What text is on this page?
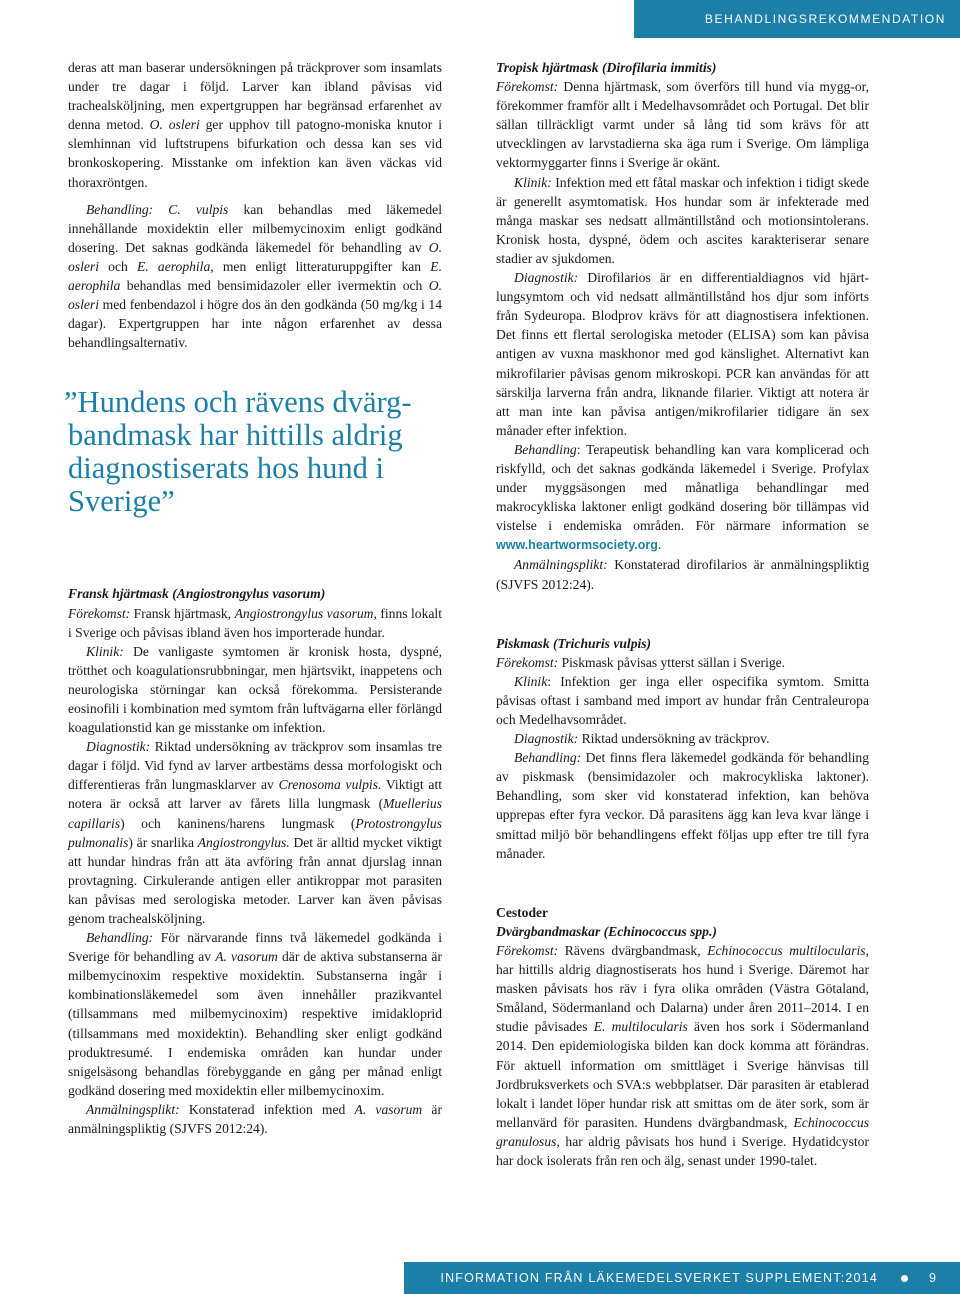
BEHANDLINGSREKOMMENDATION

deras att man baserar undersökningen på träckprover som insamlats under tre dagar i följd. Larver kan ibland påvisas vid trachealsköljning, men expertgruppen har begränsad erfarenhet av denna metod. O. osleri ger upphov till patogno-moniska knutor i slemhinnan vid luftstrupens bifurkation och dessa kan ses vid bronkoskopering. Misstanke om infektion kan även väckas vid thoraxröntgen.

Behandling: C. vulpis kan behandlas med läkemedel innehållande moxidektin eller milbemycinoxim enligt godkänd dosering. Det saknas godkända läkemedel för behandling av O. osleri och E. aerophila, men enligt litteraturuppgifter kan E. aerophila behandlas med bensimidazoler eller ivermektin och O. osleri med fenbendazol i högre dos än den godkända (50 mg/kg i 14 dagar). Expertgruppen har inte någon erfarenhet av dessa behandlingsalternativ.

”Hundens och rävens dvärg-bandmask har hittills aldrig diagnostiserats hos hund i Sverige”

Fransk hjärtmask (Angiostrongylus vasorum)

Förekomst: Fransk hjärtmask, Angiostrongylus vasorum, finns lokalt i Sverige och påvisas ibland även hos importerade hundar.

Klinik: De vanligaste symtomen är kronisk hosta, dyspné, trötthet och koagulationsrubbningar, men hjärtsvikt, inappetens och neurologiska störningar kan också förekomma. Persisterande eosinofili i kombination med symtom från luftvägarna eller förlängd koagulationstid kan ge misstanke om infektion.

Diagnostik: Riktad undersökning av träckprov som insamlas tre dagar i följd. Vid fynd av larver artbestäms dessa morfologiskt och differentieras från lungmasklarver av Crenosoma vulpis. Viktigt att notera är också att larver av fårets lilla lungmask (Muellerius capillaris) och kaninens/harens lungmask (Protostrongylus pulmonalis) är snarlika Angiostrongylus. Det är alltid mycket viktigt att hundar hindras från att äta avföring från annat djurslag innan provtagning. Cirkulerande antigen eller antikroppar mot parasiten kan påvisas med serologiska metoder. Larver kan även påvisas genom trachealsköljning.

Behandling: För närvarande finns två läkemedel godkända i Sverige för behandling av A. vasorum där de aktiva substanserna är milbemycinoxim respektive moxidektin. Substanserna ingår i kombinationsläkemedel som även innehåller prazikvantel (tillsammans med milbemycinoxim) respektive imidakloprid (tillsammans med moxidektin). Behandling sker enligt godkänd produktresumé. I endemiska områden kan hundar under snigelsäsong behandlas förebyggande en gång per månad enligt godkänd dosering med moxidektin eller milbemycinoxim.

Anmälningsplikt: Konstaterad infektion med A. vasorum är anmälningspliktig (SJVFS 2012:24).

Tropisk hjärtmask (Dirofilaria immitis)

Förekomst: Denna hjärtmask, som överförs till hund via mygg-or, förekommer framför allt i Medelhavsområdet och Portugal. Det blir sällan tillräckligt varmt under så lång tid som krävs för att utvecklingen av larvstadierna ska äga rum i Sverige. Om lämpliga vektormyggarter finns i Sverige är okänt.

Klinik: Infektion med ett fåtal maskar och infektion i tidigt skede är generellt asymtomatisk. Hos hundar som är infekterade med många maskar ses nedsatt allmäntillstånd och motionsintolerans. Kronisk hosta, dyspné, ödem och ascites karakteriserar senare stadier av sjukdomen.

Diagnostik: Dirofilarios är en differentialdiagnos vid hjärt-lungsymtom och vid nedsatt allmäntillstånd hos djur som införts från Sydeuropa. Blodprov krävs för att diagnostisera infektionen. Det finns ett flertal serologiska metoder (ELISA) som kan påvisa antigen av vuxna maskhonor med god känslighet. Alternativt kan mikrofilarier påvisas genom mikroskopi. PCR kan användas för att särskilja larverna från andra, liknande filarier. Viktigt att notera är att man inte kan påvisa antigen/mikrofilarier tidigare än sex månader efter infektion.

Behandling: Terapeutisk behandling kan vara komplicerad och riskfylld, och det saknas godkända läkemedel i Sverige. Profylax under myggsäsongen med månatliga behandlingar med makrocykliska laktoner enligt godkänd dosering bör tillämpas vid vistelse i endemiska områden. För närmare information se www.heartwormsociety.org.

Anmälningsplikt: Konstaterad dirofilarios är anmälningspliktig (SJVFS 2012:24).

Piskmask (Trichuris vulpis)

Förekomst: Piskmask påvisas ytterst sällan i Sverige.

Klinik: Infektion ger inga eller ospecifika symtom. Smitta påvisas oftast i samband med import av hundar från Centraleuropa och Medelhavsområdet.

Diagnostik: Riktad undersökning av träckprov.

Behandling: Det finns flera läkemedel godkända för behandling av piskmask (bensimidazoler och makrocykliska laktoner). Behandling, som sker vid konstaterad infektion, kan behöva upprepas efter fyra veckor. Då parasitens ägg kan leva kvar länge i smittad miljö bör behandlingens effekt följas upp efter tre till fyra månader.

Cestoder

Dvärgbandmaskar (Echinococcus spp.)

Förekomst: Rävens dvärgbandmask, Echinococcus multilocularis, har hittills aldrig diagnostiserats hos hund i Sverige. Däremot har masken påvisats hos räv i fyra olika områden (Västra Götaland, Småland, Södermanland och Dalarna) under åren 2011–2014. I en studie påvisades E. multilocularis även hos sork i Södermanland 2014. Den epidemiologiska bilden kan dock komma att förändras. För aktuell information om smittläget i Sverige hänvisas till Jordbruksverkets och SVA:s webbplatser. Där parasiten är etablerad lokalt i landet löper hundar risk att smittas om de äter sork, som är mellanvärd för parasiten. Hundens dvärgbandmask, Echinococcus granulosus, har aldrig påvisats hos hund i Sverige. Hydatidcystor har dock isolerats från ren och älg, senast under 1990-talet.

INFORMATION FRÅN LÄKEMEDELSVERKET SUPPLEMENT:2014	9
